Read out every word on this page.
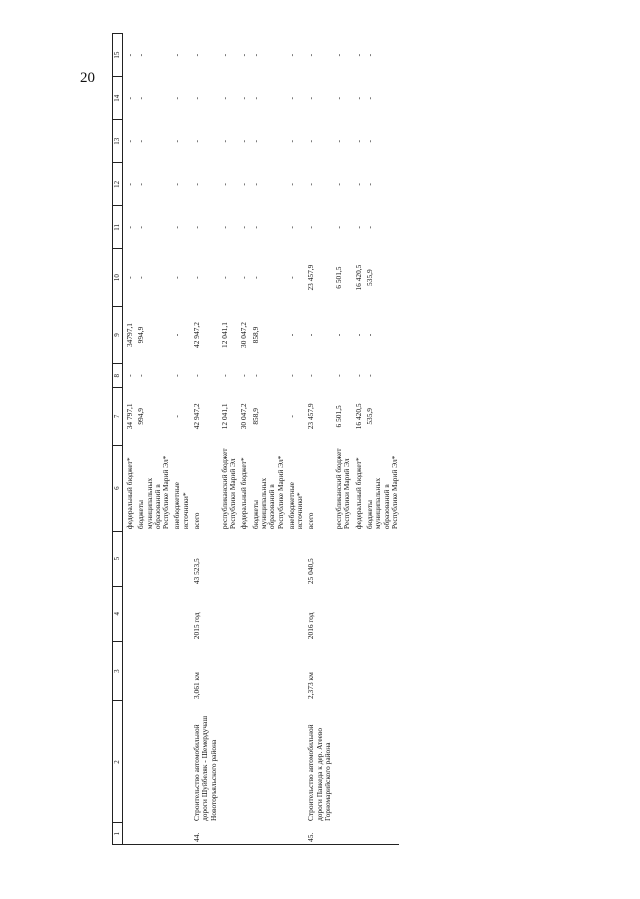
20
1	2	3	4	5	6	7	8	9	10	11	12	13	14	15
					федеральный бюджет*	34 797,1	-	34797,1	-	-	-	-	-	-
					бюджеты муниципальных образований в Республике Марий Эл*	994,9	-	994,9	-	-	-	-	-	-
					внебюджетные источники*	-	-	-	-	-	-	-	-	-
44.	Строительство автомобильной дороги Шуйбеляк - Шемердучаш Новоторъяльского района	3,061 км	2015 год	43 523,5	всего	42 947,2	-	42 947,2	-	-	-	-	-	-
					республиканский бюджет Республики Марий Эл	12 041,1	-	12 041,1	-	-	-	-	-	-
					федеральный бюджет*	30 047,2	-	30 047,2	-	-	-	-	-	-
					бюджеты муниципальных образований в Республике Марий Эл*	858,9	-	858,9	-	-	-	-	-	-
					внебюджетные источники*	-	-	-	-	-	-	-	-	-
45.	Строительство автомобильной дороги Павкеда к дер. Атеево Горномарийского района	2,373 км	2016 год	25 040,5	всего	23 457,9	-	-	23 457,9	-	-	-	-	-
					республиканский бюджет Республики Марий Эл	6 501,5	-	-	6 501,5	-	-	-	-	-
					федеральный бюджет*	16 420,5	-	-	16 420,5	-	-	-	-	-
					бюджеты муниципальных образований в Республике Марий Эл*	535,9	-	-	535,9	-	-	-	-	-
